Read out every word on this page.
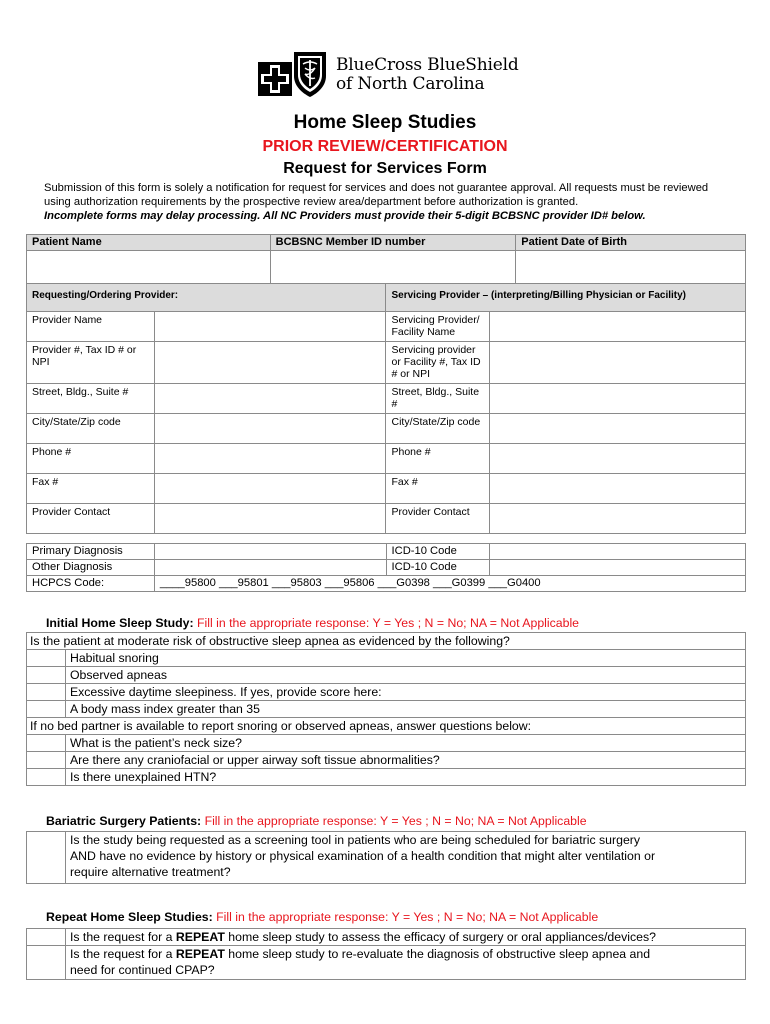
BlueCross BlueShield
of North Carolina
Home Sleep Studies
PRIOR REVIEW/CERTIFICATION
Request for Services Form
Submission of this form is solely a notification for request for services and does not guarantee approval. All requests must be reviewed using authorization requirements by the prospective review area/department before authorization is granted.
Incomplete forms may delay processing. All NC Providers must provide their 5-digit BCBSNC provider ID# below.
Patient Name	BCBSNC Member ID number	Patient Date of Birth

Requesting/Ordering Provider:		Servicing Provider – (interpreting/Billing Physician or Facility)	
Provider Name		Servicing Provider/ Facility Name	
Provider #, Tax ID # or NPI		Servicing provider or Facility #, Tax ID # or NPI	
Street, Bldg., Suite #		Street, Bldg., Suite #	
City/State/Zip code		City/State/Zip code	
Phone #		Phone #	
Fax #		Fax #	
Provider Contact		Provider Contact	
Primary Diagnosis		ICD-10 Code	
Other Diagnosis		ICD-10 Code	
HCPCS Code:	____95800 ___95801 ___95803 ___95806 ___G0398 ___G0399 ___G0400		
Initial Home Sleep Study: Fill in the appropriate response: Y = Yes ; N = No; NA = Not Applicable
Is the patient at moderate risk of obstructive sleep apnea as evidenced by the following?	
	Habitual snoring
	Observed apneas
	Excessive daytime sleepiness. If yes, provide score here:
	A body mass index greater than 35
If no bed partner is available to report snoring or observed apneas, answer questions below:	
	What is the patient’s neck size?
	Are there any craniofacial or upper airway soft tissue abnormalities?
	Is there unexplained HTN?
Bariatric Surgery Patients: Fill in the appropriate response: Y = Yes ; N = No; NA = Not Applicable

Is the study being requested as a screening tool in patients who are being scheduled for bariatric surgery
AND have no evidence by history or physical examination of a health condition that might alter ventilation or
require alternative treatment?
Repeat Home Sleep Studies: Fill in the appropriate response: Y = Yes ; N = No; NA = Not Applicable
	Is the request for a REPEAT home sleep study to assess the efficacy of surgery or oral appliances/devices?
	Is the request for a REPEAT home sleep study to re-evaluate the diagnosis of obstructive sleep apnea and
need for continued CPAP?
